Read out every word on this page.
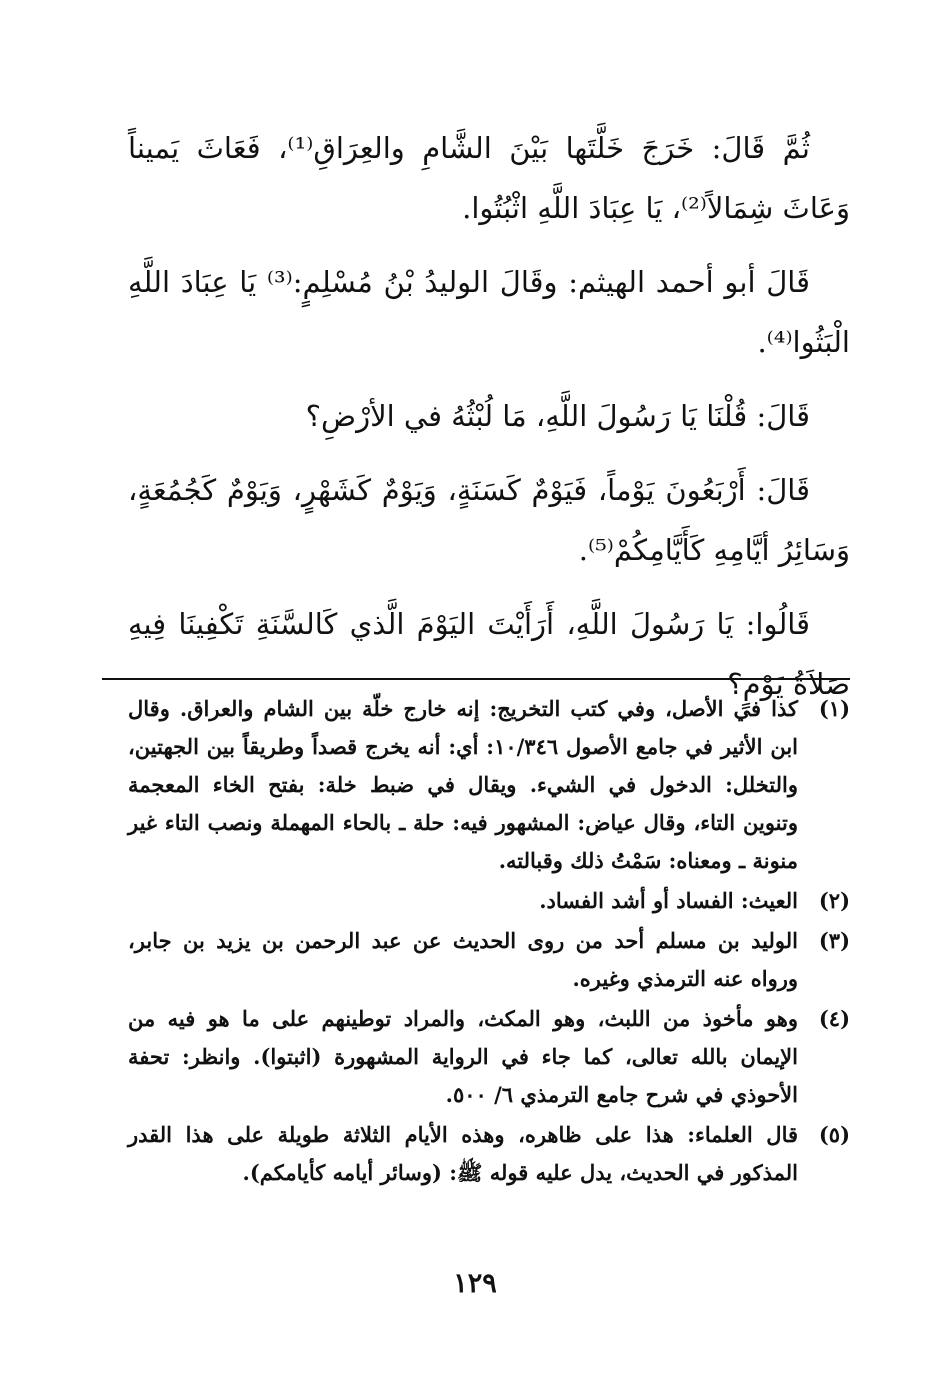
ثُمَّ قَالَ: خَرَجَ خَلَّتَها بَيْنَ الشَّامِ والعِرَاقِ⁽¹⁾، فَعَاثَ يَميناً وَعَاثَ شِمَالاً⁽²⁾، يَا عِبَادَ اللَّهِ اثْبُتُوا.

قَالَ أبو أحمد الهيثم: وقَالَ الوليدُ بْنُ مُسْلِمٍ:⁽³⁾ يَا عِبَادَ اللَّهِ الْبَثُوا⁽⁴⁾.

قَالَ: قُلْنَا يَا رَسُولَ اللَّهِ، مَا لُبْثُهُ في الأرْضِ؟

قَالَ: أَرْبَعُونَ يَوْماً، فَيَوْمٌ كَسَنَةٍ، وَيَوْمٌ كَشَهْرٍ، وَيَوْمٌ كَجُمُعَةٍ، وَسَائِرُ أيَّامِهِ كَأَيَّامِكُمْ⁽⁵⁾.

قَالُوا: يَا رَسُولَ اللَّهِ، أَرَأَيْتَ اليَوْمَ الَّذي كَالسَّنَةِ تَكْفِينَا فِيهِ صَلاَةُ يَوْمٍ؟

(١)
كذا في الأصل، وفي كتب التخريج: إنه خارج خلّة بين الشام والعراق. وقال ابن الأثير في جامع الأصول ١٠/٣٤٦: أي: أنه يخرج قصداً وطريقاً بين الجهتين، والتخلل: الدخول في الشيء. ويقال في ضبط خلة: بفتح الخاء المعجمة وتنوين التاء، وقال عياض: المشهور فيه: حلة ـ بالحاء المهملة ونصب التاء غير منونة ـ ومعناه: سَمْتُ ذلك وقبالته.
(٢)
العيث: الفساد أو أشد الفساد.
(٣)
الوليد بن مسلم أحد من روى الحديث عن عبد الرحمن بن يزيد بن جابر، ورواه عنه الترمذي وغيره.
(٤)
وهو مأخوذ من اللبث، وهو المكث، والمراد توطينهم على ما هو فيه من الإيمان بالله تعالى، كما جاء في الرواية المشهورة (اثبتوا). وانظر: تحفة الأحوذي في شرح جامع الترمذي ٦/ ٥٠٠.
(٥)
قال العلماء: هذا على ظاهره، وهذه الأيام الثلاثة طويلة على هذا القدر المذكور في الحديث، يدل عليه قوله ﷺ: (وسائر أيامه كأيامكم).
١٢٩
